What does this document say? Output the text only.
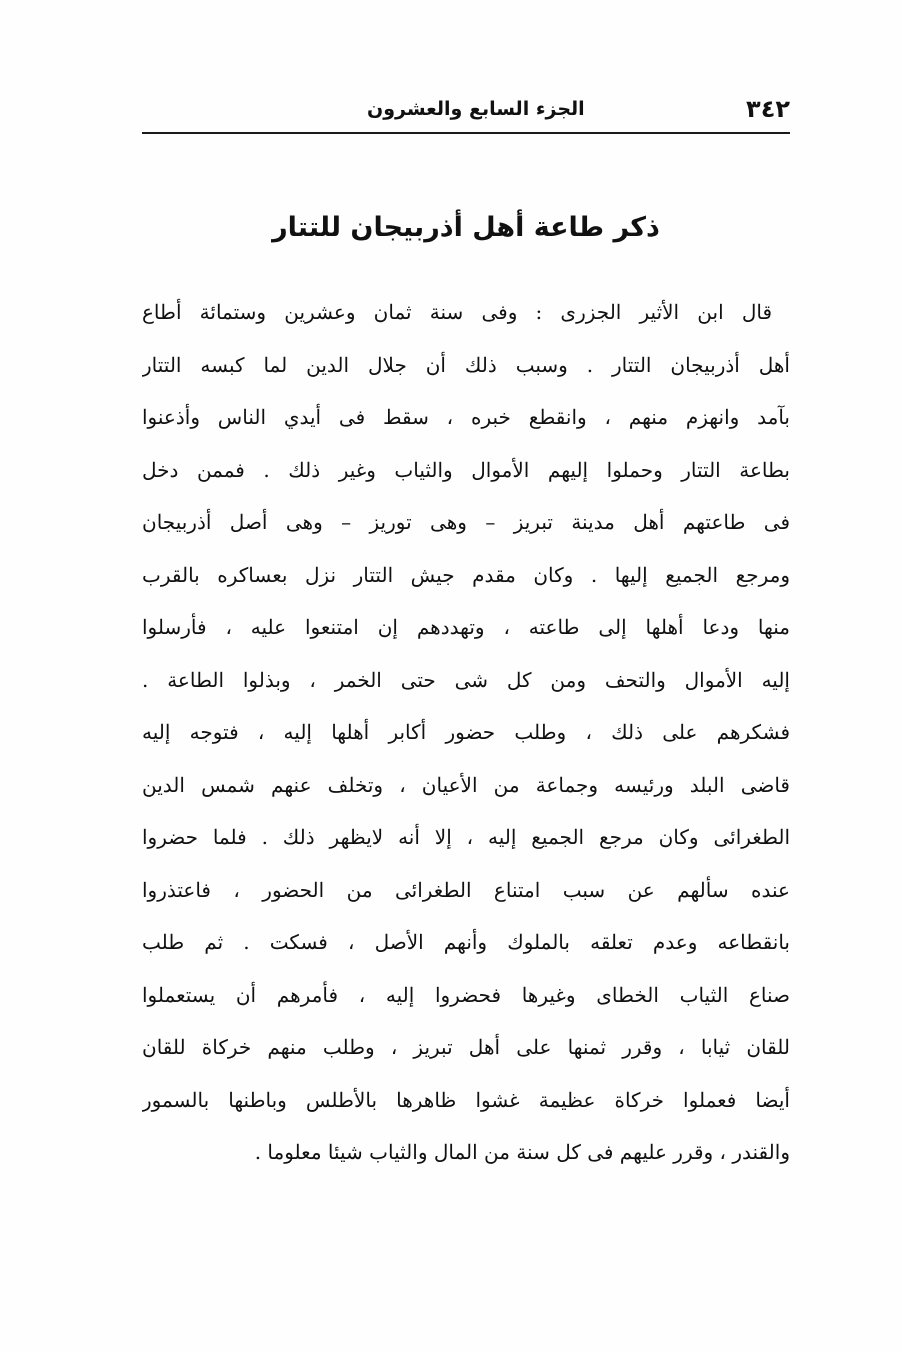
٣٤٢
الجزء السابع والعشرون
ذكر طاعة أهل أذربيجان للتتار
قال ابن الأثير الجزرى : وفى سنة ثمان وعشرين وستمائة أطاع
أهل أذربيجان التتار . وسبب ذلك أن جلال الدين لما كبسه التتار
بآمد وانهزم منهم ، وانقطع خبره ، سقط فى أيدي الناس وأذعنوا
بطاعة التتار وحملوا إليهم الأموال والثياب وغير ذلك . فممن دخل
فى طاعتهم أهل مدينة تبريز – وهى توريز – وهى أصل أذربيجان
ومرجع الجميع إليها . وكان مقدم جيش التتار نزل بعساكره بالقرب
منها ودعا أهلها إلى طاعته ، وتهددهم إن امتنعوا عليه ، فأرسلوا
إليه الأموال والتحف ومن كل شى حتى الخمر ، وبذلوا الطاعة .
فشكرهم على ذلك ، وطلب حضور أكابر أهلها إليه ، فتوجه إليه
قاضى البلد ورئيسه وجماعة من الأعيان ، وتخلف عنهم شمس الدين
الطغرائى وكان مرجع الجميع إليه ، إلا أنه لايظهر ذلك . فلما حضروا
عنده سألهم عن سبب امتناع الطغرائى من الحضور ، فاعتذروا
بانقطاعه وعدم تعلقه بالملوك وأنهم الأصل ، فسكت . ثم طلب
صناع الثياب الخطاى وغيرها فحضروا إليه ، فأمرهم أن يستعملوا
للقان ثيابا ، وقرر ثمنها على أهل تبريز ، وطلب منهم خركاة للقان
أيضا فعملوا خركاة عظيمة غشوا ظاهرها بالأطلس وباطنها بالسمور
والقندر ، وقرر عليهم فى كل سنة من المال والثياب شيئا معلوما .
